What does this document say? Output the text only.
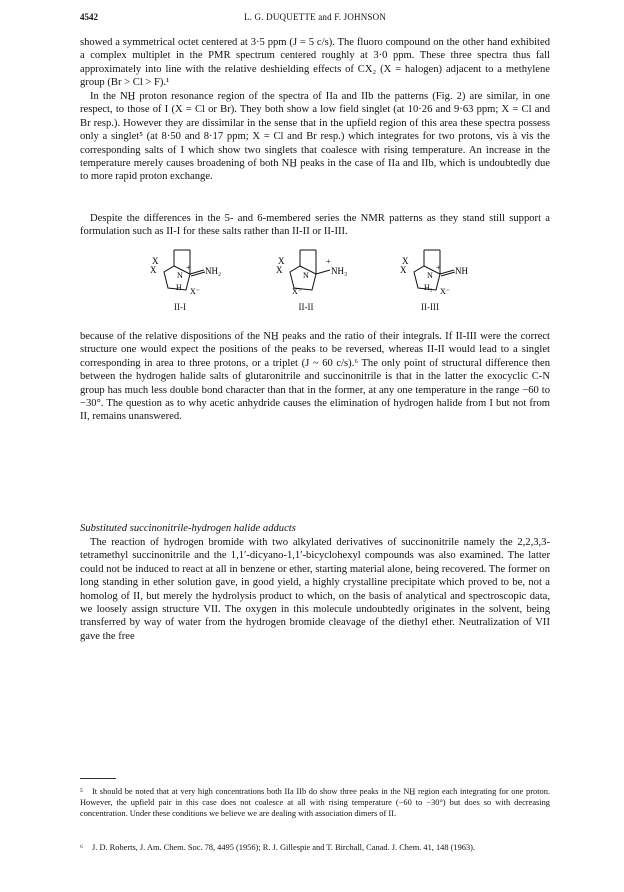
4542	L. G. DUQUETTE and F. JOHNSON

showed a symmetrical octet centered at 3·5 ppm (J = 5 c/s). The fluoro compound on the other hand exhibited a complex multiplet in the PMR spectrum centered roughly at 3·0 ppm. These three spectra thus fall approximately into line with the relative deshielding effects of CX₂ (X = halogen) adjacent to a methylene group (Br > Cl > F).¹

In the NH̲ proton resonance region of the spectra of IIa and IIb the patterns (Fig. 2) are similar, in one respect, to those of I (X = Cl or Br). They both show a low field singlet (at 10·26 and 9·63 ppm; X = Cl and Br resp.). However they are dissimilar in the sense that in the upfield region of this area these spectra possess only a singlet⁵ (at 8·50 and 8·17 ppm; X = Cl and Br resp.) which integrates for two protons, vis à vis the corresponding salts of I which show two singlets that coalesce with rising temperature. An increase in the temperature merely causes broadening of both NH̲ peaks in the case of IIa and IIb, which is undoubtedly due to more rapid proton exchange.

Despite the differences in the 5- and 6-membered series the NMR patterns as they stand still support a formulation such as II-I for these salts rather than II-II or II-III.

X
X
N
+ NH₂
H X⁻
II-I
X
X
N
+
NH₃
X⁻
II-II
X
X
N
+ NH
H₂ X⁻
II-III

because of the relative dispositions of the NH̲ peaks and the ratio of their integrals. If II-III were the correct structure one would expect the positions of the peaks to be reversed, whereas II-II would lead to a singlet corresponding in area to three protons, or a triplet (J ~ 60 c/s).⁶ The only point of structural difference then between the hydrogen halide salts of glutaronitrile and succinonitrile is that in the latter the exocyclic C-N group has much less double bond character than that in the former, at any one temperature in the range −60 to −30°. The question as to why acetic anhydride causes the elimination of hydrogen halide from I but not from II, remains unanswered.

Substituted succinonitrile-hydrogen halide adducts

The reaction of hydrogen bromide with two alkylated derivatives of succinonitrile namely the 2,2,3,3-tetramethyl succinonitrile and the 1,1′-dicyano-1,1′-bicyclohexyl compounds was also examined. The latter could not be induced to react at all in benzene or ether, starting material alone, being recovered. The former on long standing in ether solution gave, in good yield, a highly crystalline precipitate which proved to be, not a homolog of II, but merely the hydrolysis product to which, on the basis of analytical and spectroscopic data, we loosely assign structure VII. The oxygen in this molecule undoubtedly originates in the solvent, being transferred by way of water from the hydrogen bromide cleavage of the diethyl ether. Neutralization of VII gave the free

⁵ It should be noted that at very high concentrations both IIa IIb do show three peaks in the NH̲ region each integrating for one proton. However, the upfield pair in this case does not coalesce at all with rising temperature (−60 to −30°) but does so with decreasing concentration. Under these conditions we believe we are dealing with association dimers of II.

⁶ J. D. Roberts, J. Am. Chem. Soc. 78, 4495 (1956); R. J. Gillespie and T. Birchall, Canad. J. Chem. 41, 148 (1963).
